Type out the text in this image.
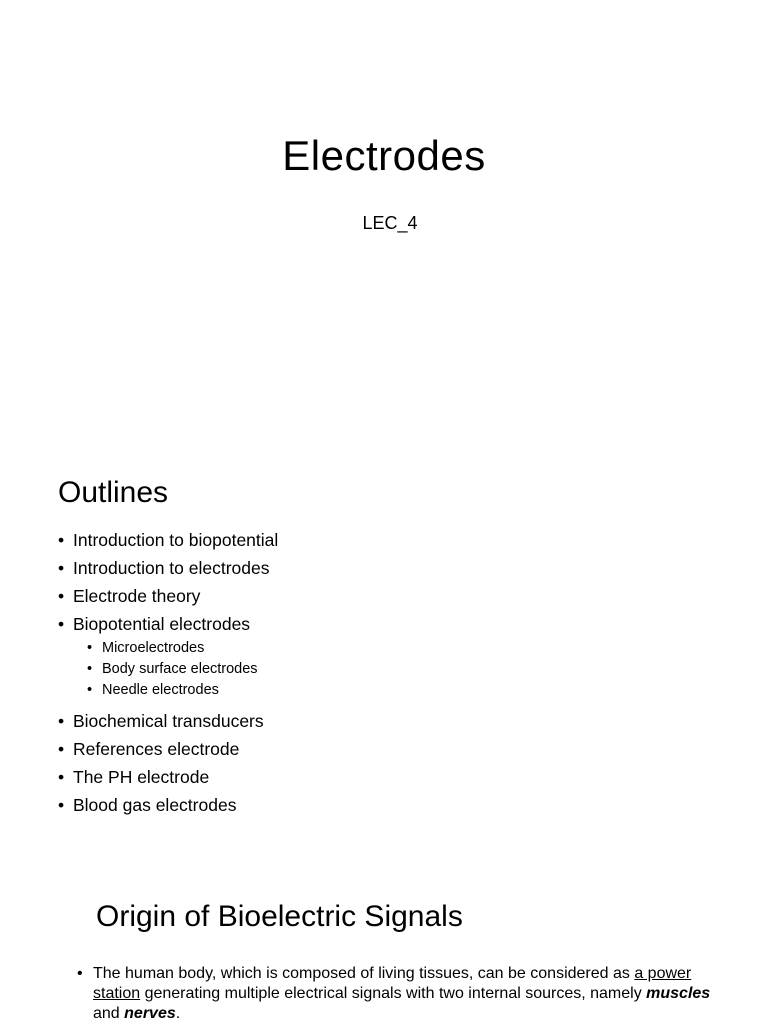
Electrodes
LEC_4
Outlines
• Introduction to biopotential
• Introduction to electrodes
• Electrode theory
• Biopotential electrodes
• Microelectrodes
• Body surface electrodes
• Needle electrodes
• Biochemical transducers
• References electrode
• The PH electrode
• Blood gas electrodes
Origin of Bioelectric Signals
• The human body, which is composed of living tissues, can be considered as a power station generating multiple electrical signals with two internal sources, namely muscles and nerves.
